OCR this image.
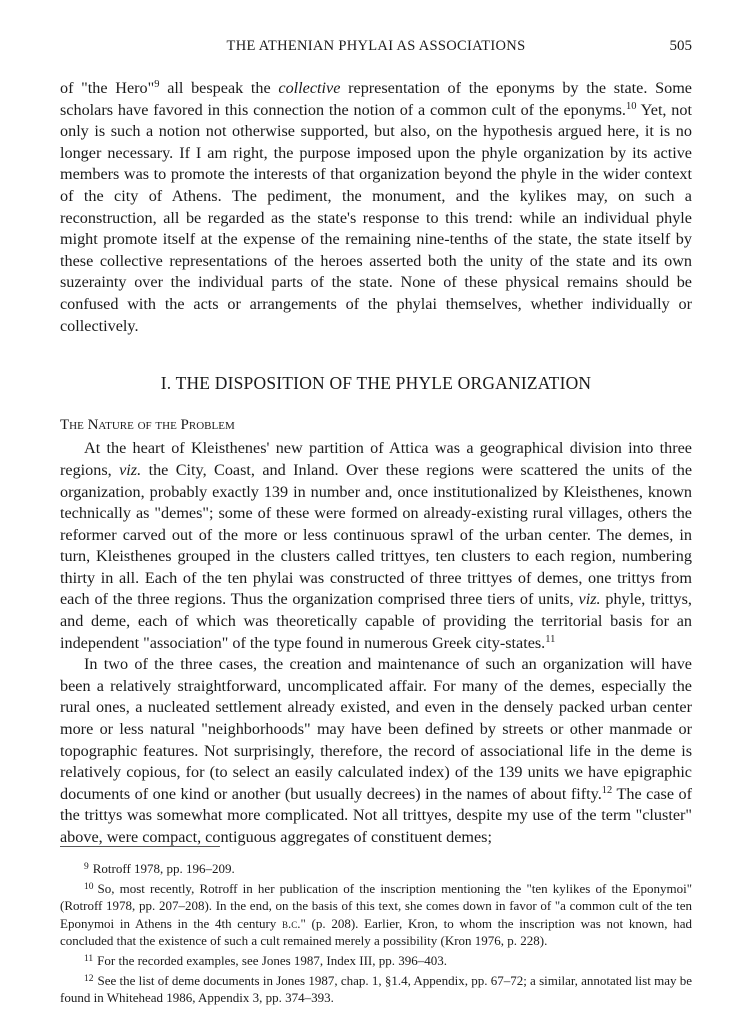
THE ATHENIAN PHYLAI AS ASSOCIATIONS	505

of "the Hero"$^9$ all bespeak the collective representation of the eponyms by the state. Some scholars have favored in this connection the notion of a common cult of the eponyms.$^{10}$ Yet, not only is such a notion not otherwise supported, but also, on the hypothesis argued here, it is no longer necessary. If I am right, the purpose imposed upon the phyle organization by its active members was to promote the interests of that organization beyond the phyle in the wider context of the city of Athens. The pediment, the monument, and the kylikes may, on such a reconstruction, all be regarded as the state's response to this trend: while an individual phyle might promote itself at the expense of the remaining nine-tenths of the state, the state itself by these collective representations of the heroes asserted both the unity of the state and its own suzerainty over the individual parts of the state. None of these physical remains should be confused with the acts or arrangements of the phylai themselves, whether individually or collectively.

I. THE DISPOSITION OF THE PHYLE ORGANIZATION
The Nature of the Problem

At the heart of Kleisthenes' new partition of Attica was a geographical division into three regions, viz. the City, Coast, and Inland. Over these regions were scattered the units of the organization, probably exactly 139 in number and, once institutionalized by Kleisthenes, known technically as "demes"; some of these were formed on already-existing rural villages, others the reformer carved out of the more or less continuous sprawl of the urban center. The demes, in turn, Kleisthenes grouped in the clusters called trittyes, ten clusters to each region, numbering thirty in all. Each of the ten phylai was constructed of three trittyes of demes, one trittys from each of the three regions. Thus the organization comprised three tiers of units, viz. phyle, trittys, and deme, each of which was theoretically capable of providing the territorial basis for an independent "association" of the type found in numerous Greek city-states.$^{11}$

In two of the three cases, the creation and maintenance of such an organization will have been a relatively straightforward, uncomplicated affair. For many of the demes, especially the rural ones, a nucleated settlement already existed, and even in the densely packed urban center more or less natural "neighborhoods" may have been defined by streets or other manmade or topographic features. Not surprisingly, therefore, the record of associational life in the deme is relatively copious, for (to select an easily calculated index) of the 139 units we have epigraphic documents of one kind or another (but usually decrees) in the names of about fifty.$^{12}$ The case of the trittys was somewhat more complicated. Not all trittyes, despite my use of the term "cluster" above, were compact, contiguous aggregates of constituent demes;

$^9$ Rotroff 1978, pp. 196–209.

$^{10}$ So, most recently, Rotroff in her publication of the inscription mentioning the "ten kylikes of the Eponymoi" (Rotroff 1978, pp. 207–208). In the end, on the basis of this text, she comes down in favor of "a common cult of the ten Eponymoi in Athens in the 4th century b.c." (p. 208). Earlier, Kron, to whom the inscription was not known, had concluded that the existence of such a cult remained merely a possibility (Kron 1976, p. 228).

$^{11}$ For the recorded examples, see Jones 1987, Index III, pp. 396–403.

$^{12}$ See the list of deme documents in Jones 1987, chap. 1, §1.4, Appendix, pp. 67–72; a similar, annotated list may be found in Whitehead 1986, Appendix 3, pp. 374–393.
